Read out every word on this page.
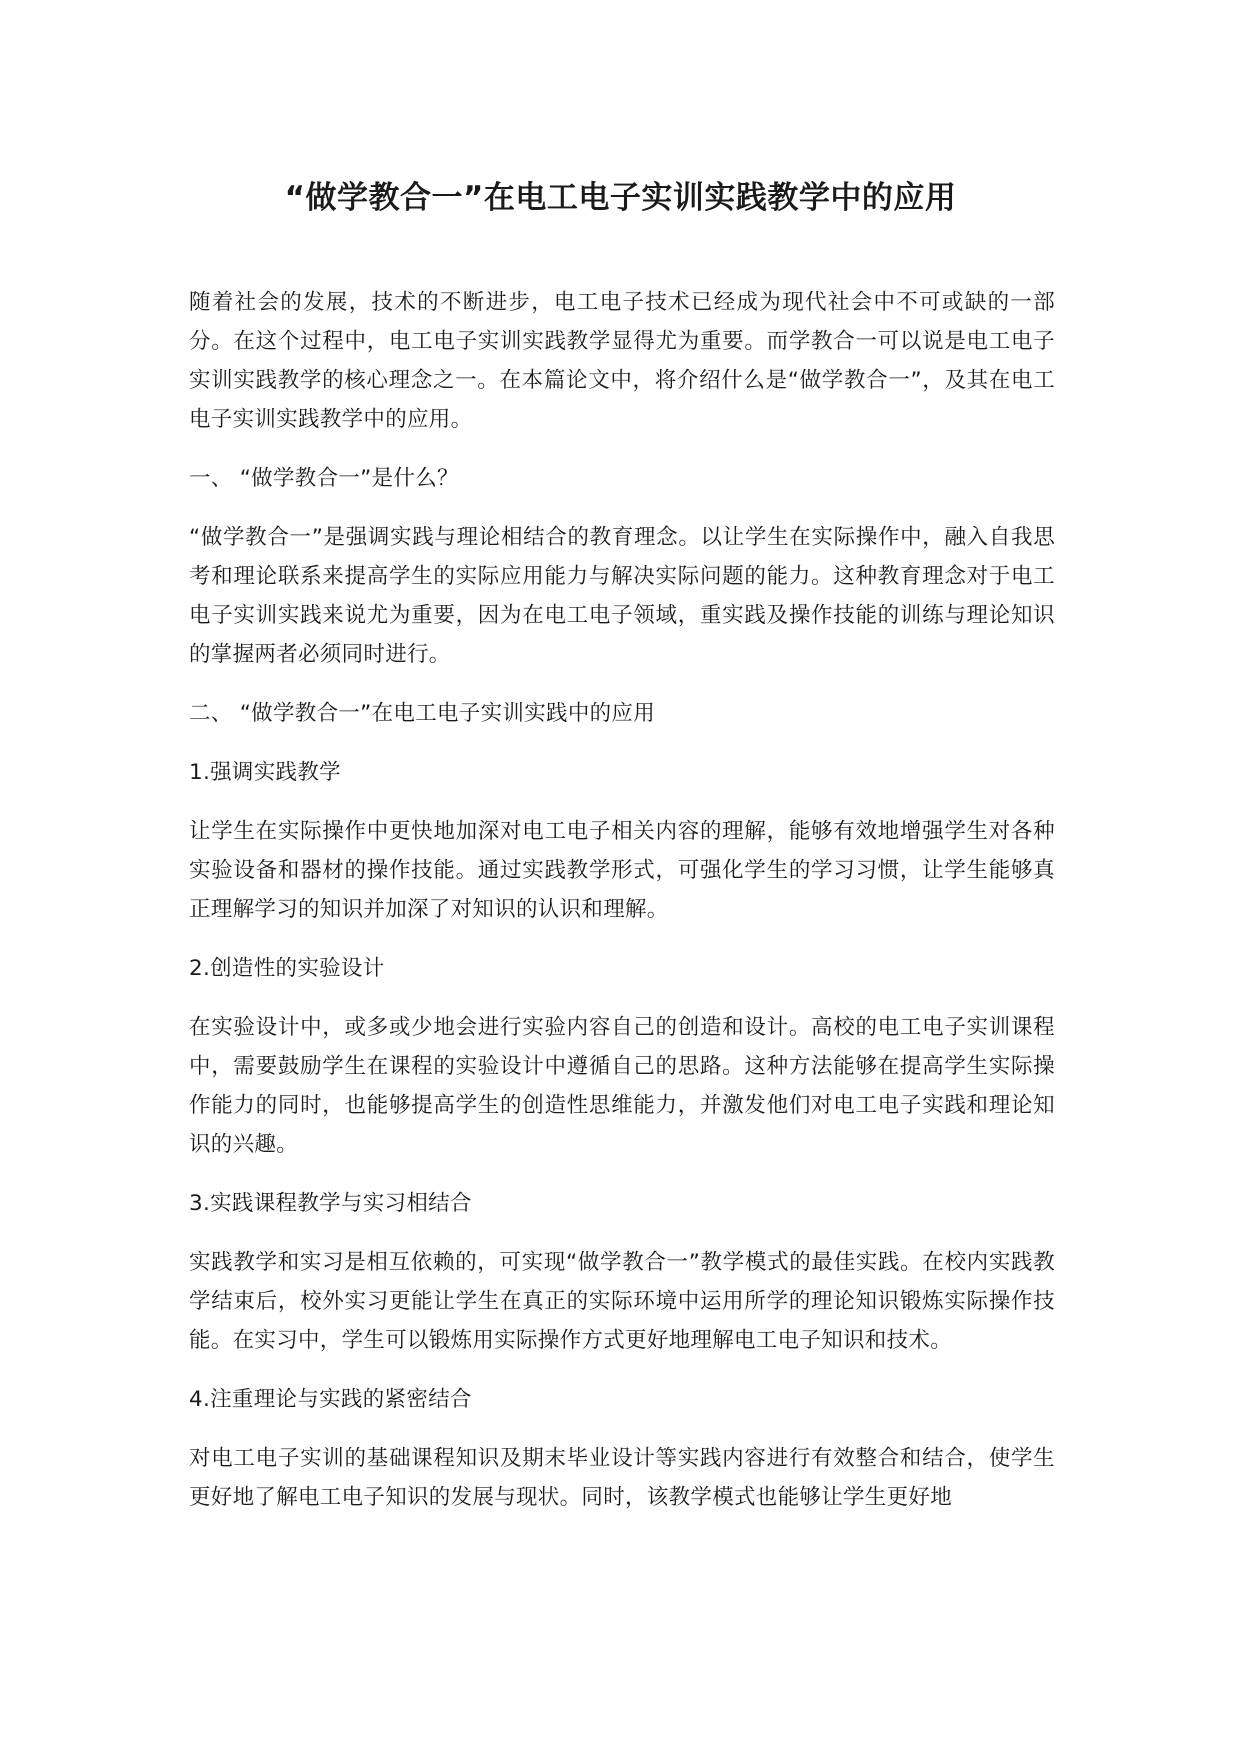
“做学教合一”在电工电子实训实践教学中的应用

随着社会的发展，技术的不断进步，电工电子技术已经成为现代社会中不可或缺的一部分。在这个过程中，电工电子实训实践教学显得尤为重要。而学教合一可以说是电工电子实训实践教学的核心理念之一。在本篇论文中，将介绍什么是“做学教合一”，及其在电工电子实训实践教学中的应用。

一、 “做学教合一”是什么？

“做学教合一”是强调实践与理论相结合的教育理念。以让学生在实际操作中，融入自我思考和理论联系来提高学生的实际应用能力与解决实际问题的能力。这种教育理念对于电工电子实训实践来说尤为重要，因为在电工电子领域，重实践及操作技能的训练与理论知识的掌握两者必须同时进行。

二、 “做学教合一”在电工电子实训实践中的应用

1.强调实践教学

让学生在实际操作中更快地加深对电工电子相关内容的理解，能够有效地增强学生对各种实验设备和器材的操作技能。通过实践教学形式，可强化学生的学习习惯，让学生能够真正理解学习的知识并加深了对知识的认识和理解。

2.创造性的实验设计

在实验设计中，或多或少地会进行实验内容自己的创造和设计。高校的电工电子实训课程中，需要鼓励学生在课程的实验设计中遵循自己的思路。这种方法能够在提高学生实际操作能力的同时，也能够提高学生的创造性思维能力，并激发他们对电工电子实践和理论知识的兴趣。

3.实践课程教学与实习相结合

实践教学和实习是相互依赖的，可实现“做学教合一”教学模式的最佳实践。在校内实践教学结束后，校外实习更能让学生在真正的实际环境中运用所学的理论知识锻炼实际操作技能。在实习中，学生可以锻炼用实际操作方式更好地理解电工电子知识和技术。

4.注重理论与实践的紧密结合

对电工电子实训的基础课程知识及期末毕业设计等实践内容进行有效整合和结合，使学生更好地了解电工电子知识的发展与现状。同时，该教学模式也能够让学生更好地
